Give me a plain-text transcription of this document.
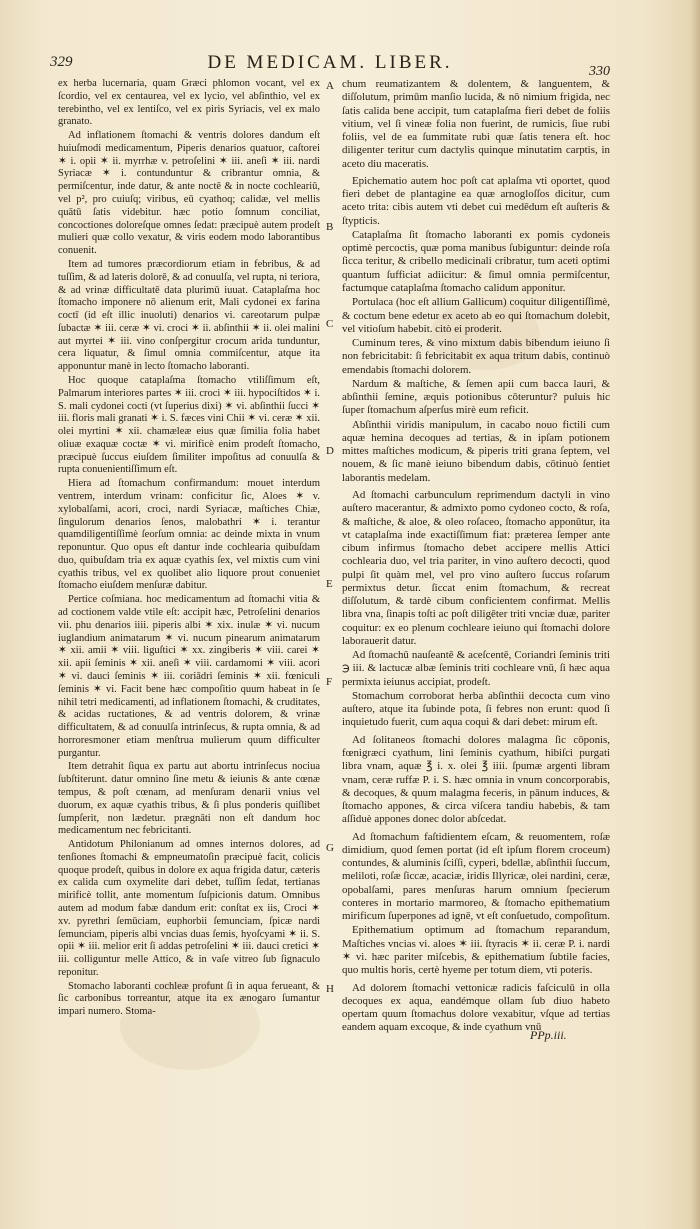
329	DE MEDICAM. LIBER.	330

ex herba lucernaria, quam Græci phlomon vocant, vel ex ſcordio, vel ex centaurea, vel ex lycio, vel abſinthio, vel ex terebintho, vel ex lentiſco, vel ex piris Syriacis, vel ex malo granato.

Ad inflationem ſtomachi & ventris dolores dandum eſt huiuſmodi medicamentum, Piperis denarios quatuor, caſtorei ✶ i. opii ✶ ii. myrrhæ v. petroſelini ✶ iii. aneſi ✶ iii. nardi Syriacæ ✶ i. contunduntur & cribrantur omnia, & permiſcentur, inde datur, & ante noctē & in nocte cochleariū, vel p², pro cuiuſq; viribus, eū cyathoq; calidæ, vel mellis quātū ſatis videbitur. hæc potio ſomnum conciliat, concoctiones doloreſque omnes ſedat: præcipuè autem prodeſt mulieri quæ collo vexatur, & viris eodem modo laborantibus conuenit.

Item ad tumores præcordiorum etiam in febribus, & ad tuſſim, & ad lateris dolorē, & ad conuulſa, vel rupta, ni teriora, & ad vrinæ difficultatē data plurimū iuuat. Cataplaſma hoc ſtomacho imponere nō alienum erit, Mali cydonei ex farina coctī (id eſt illic inuoluti) denarios vi. careotarum pulpæ ſubactæ ✶ iii. ceræ ✶ vi. croci ✶ ii. abſinthii ✶ ii. olei malini aut myrtei ✶ iii. vino conſpergitur crocum arida tunduntur, cera liquatur, & ſimul omnia commiſcentur, atque ita apponuntur manè in lecto ſtomacho laboranti.

Hoc quoque cataplaſma ſtomacho vtiliſſimum eſt, Palmarum interiores partes ✶ iii. croci ✶ iii. hypociſtidos ✶ i. S. mali cydonei cocti (vt ſuperius dixi) ✶ vi. abſinthii ſucci ✶ iii. floris mali granati ✶ i. S. fæces vini Chii ✶ vi. ceræ ✶ xii. olei myrtini ✶ xii. chamæleæ eius quæ ſimilia folia habet oliuæ exaquæ coctæ ✶ vi. mirificè enim prodeſt ſtomacho, præcipuè ſuccus eiuſdem ſimiliter impoſitus ad conuulſa & rupta conuenientiſſimum eſt.

Hiera ad ſtomachum confirmandum: mouet interdum ventrem, interdum vrinam: conficitur ſic, Aloes ✶ v. xylobalſami, acori, croci, nardi Syriacæ, maſtiches Chiæ, ſingulorum denarios ſenos, malobathri ✶ i. terantur quamdiligentiſſimè ſeorſum omnia: ac deinde mixta in vnum reponuntur. Quo opus eſt dantur inde cochlearia quibuſdam duo, quibuſdam tria ex aquæ cyathis ſex, vel mixtis cum vini cyathis tribus, vel ex quolibet alio liquore prout conueniet ſtomacho eiuſdem menſuræ dabitur.

Pertice coſmiana. hoc medicamentum ad ſtomachi vitia & ad coctionem valde vtile eſt: accipit hæc, Petroſelini denarios vii. phu denarios iiii. piperis albi ✶ xix. inulæ ✶ vi. nucum iuglandium animatarum ✶ vi. nucum pinearum animatarum ✶ xii. amii ✶ viii. liguſtici ✶ xx. zingiberis ✶ viii. carei ✶ xii. apii ſeminis ✶ xii. aneſi ✶ viii. cardamomi ✶ viii. acori ✶ vi. dauci ſeminis ✶ iii. coriādri ſeminis ✶ xii. fœniculi ſeminis ✶ vi. Facit bene hæc compoſitio quum habeat in ſe nihil tetri medicamenti, ad inflationem ſtomachi, & cruditates, & acidas ructationes, & ad ventris dolorem, & vrinæ difficultatem, & ad conuulſa intrinſecus, & rupta omnia, & ad horroresmoner etiam menſtrua mulierum quum difficulter purgantur.

Item detrahit ſiqua ex partu aut abortu intrinſecus nociua ſubſtiterunt. datur omnino ſine metu & ieiunis & ante cœnæ tempus, & poſt cœnam, ad menſuram denarii vnius vel duorum, ex aquæ cyathis tribus, & ſi plus ponderis quiſlibet ſumpſerit, non lædetur. prægnāti non eſt dandum hoc medicamentum nec febricitanti.

Antidotum Philonianum ad omnes internos dolores, ad tenſiones ſtomachi & empneumatoſin præcipuè facit, colicis quoque prodeſt, quibus in dolore ex aqua frigida datur, cæteris ex calida cum oxymelite dari debet, tuſſim ſedat, tertianas mirificè tollit, ante momentum ſuſpicionis datum. Omnibus autem ad modum fabæ dandum erit: conſtat ex iis, Croci ✶ xv. pyrethri ſemūciam, euphorbii ſemunciam, ſpicæ nardi ſemunciam, piperis albi vncias duas ſemis, hyoſcyami ✶ ii. S. opii ✶ iii. melior erit ſi addas petroſelini ✶ iii. dauci cretici ✶ iii. colliguntur melle Attico, & in vaſe vitreo ſub ſignaculo reponitur.

Stomacho laboranti cochleæ profunt ſi in aqua ferueant, & ſic carbonibus torreantur, atque ita ex ænogaro ſumantur impari numero. Stoma-

A
B
C
D
E
F
G
H

chum reumatizantem & dolentem, & languentem, & diſſolutum, primūm manſio lucida, & nō nimium frigida, nec ſatis calida bene accipit, tum cataplaſma fieri debet de foliis vitium, vel ſi vineæ folia non fuerint, de rumicis, ſiue rubi foliis, vel de ea ſummitate rubi quæ ſatis tenera eſt. hoc diligenter teritur cum dactylis quinque minutatim carptis, in aceto diu maceratis.

Epichematio autem hoc poſt cat aplaſma vti oportet, quod fieri debet de plantagine ea quæ arnogloſſos dicitur, cum aceto trita: cibis autem vti debet cui medēdum eſt auſteris & ſtypticis.

Cataplaſma ſit ſtomacho laboranti ex pomis cydoneis optimè percoctis, quæ poma manibus ſubiguntur: deinde roſa ſicca teritur, & cribello medicinali cribratur, tum aceti optimi quantum ſufficiat adiicitur: & ſimul omnia permiſcentur, factumque cataplaſma ſtomacho calidum apponitur.

Portulaca (hoc eſt allium Gallicum) coquitur diligentiſſimè, & coctum bene edetur ex aceto ab eo qui ſtomachum dolebit, vel vitioſum habebit. citò ei proderit.

Cuminum teres, & vino mixtum dabis bibendum ieiuno ſi non febricitabit: ſi febricitabit ex aqua tritum dabis, continuò emendabis ſtomachi dolorem.

Nardum & maſtiche, & ſemen apii cum bacca lauri, & abſinthii ſemine, æquis potionibus cōteruntur? puluis hic ſuper ſtomachum aſperſus mirè eum reficit.

Abſinthii viridis manipulum, in cacabo nouo fictili cum aquæ hemina decoques ad tertias, & in ipſam potionem mittes maſtiches modicum, & piperis triti grana ſeptem, vel nouem, & ſic manè ieiuno bibendum dabis, cōtinuò ſentiet laborantis medelam.

Ad ſtomachi carbunculum reprimendum dactyli in vino auſtero macerantur, & admixto pomo cydoneo cocto, & roſa, & maſtiche, & aloe, & oleo roſaceo, ſtomacho apponūtur, ita vt cataplaſma inde exactiſſimum fiat: præterea ſemper ante cibum infirmus ſtomacho debet accipere mellis Attici cochlearia duo, vel tria pariter, in vino auſtero decocti, quod pulpi ſit quàm mel, vel pro vino auſtero ſuccus roſarum permixtus detur. ſiccat enim ſtomachum, & recreat diſſolutum, & tardè cibum conficientem confirmat. Mellis libra vna, ſinapis toſti ac poſt diligēter triti vnciæ duæ, pariter coquitur: ex eo plenum cochleare ieiuno qui ſtomachi dolore laborauerit datur.

Ad ſtomachū nauſeantē & aceſcentē, Coriandri ſeminis triti ℈ iii. & lactucæ albæ ſeminis triti cochleare vnū, ſi hæc aqua permixta ieiunus accipiat, prodeſt.

Stomachum corroborat herba abſinthii decocta cum vino auſtero, atque ita ſubinde pota, ſi febres non erunt: quod ſi inquietudo fuerit, cum aqua coqui & dari debet: mirum eſt.

Ad ſolitaneos ſtomachi dolores malagma ſic cōponis, fœnigræci cyathum, lini ſeminis cyathum, hibiſci purgati libra vnam, aquæ ℥ i. x. olei ℥ iiii. ſpumæ argenti libram vnam, ceræ ruffæ P. i. S. hæc omnia in vnum concorporabis, & decoques, & quum malagma feceris, in pānum induces, & ſtomacho appones, & circa viſcera tandiu habebis, & tam aſſiduè appones donec dolor abſcedat.

Ad ſtomachum faſtidientem eſcam, & reuomentem, roſæ dimidium, quod ſemen portat (id eſt ipſum florem croceum) contundes, & aluminis ſciſſi, cyperi, bdellæ, abſinthii ſuccum, meliloti, roſæ ſiccæ, acaciæ, iridis Illyricæ, olei nardini, ceræ, opobalſami, pares menſuras harum omnium ſpecierum conteres in mortario marmoreo, & ſtomacho epithematium mirificum ſuperpones ad ignē, vt eſt conſuetudo, compoſitum.

Epithematium optimum ad ſtomachum reparandum, Maſtiches vncias vi. aloes ✶ iii. ſtyracis ✶ ii. ceræ P. i. nardi ✶ vi. hæc pariter miſcebis, & epithematium ſubtile facies, quo multis horis, certè hyeme per totum diem, vti poteris.

Ad dolorem ſtomachi vettonicæ radicis faſciculū in olla decoques ex aqua, eandémque ollam ſub diuo habeto opertam quum ſtomachus dolore vexabitur, vſque ad tertias eandem aquam excoque, & inde cyathum vnū

PPp.iii.
